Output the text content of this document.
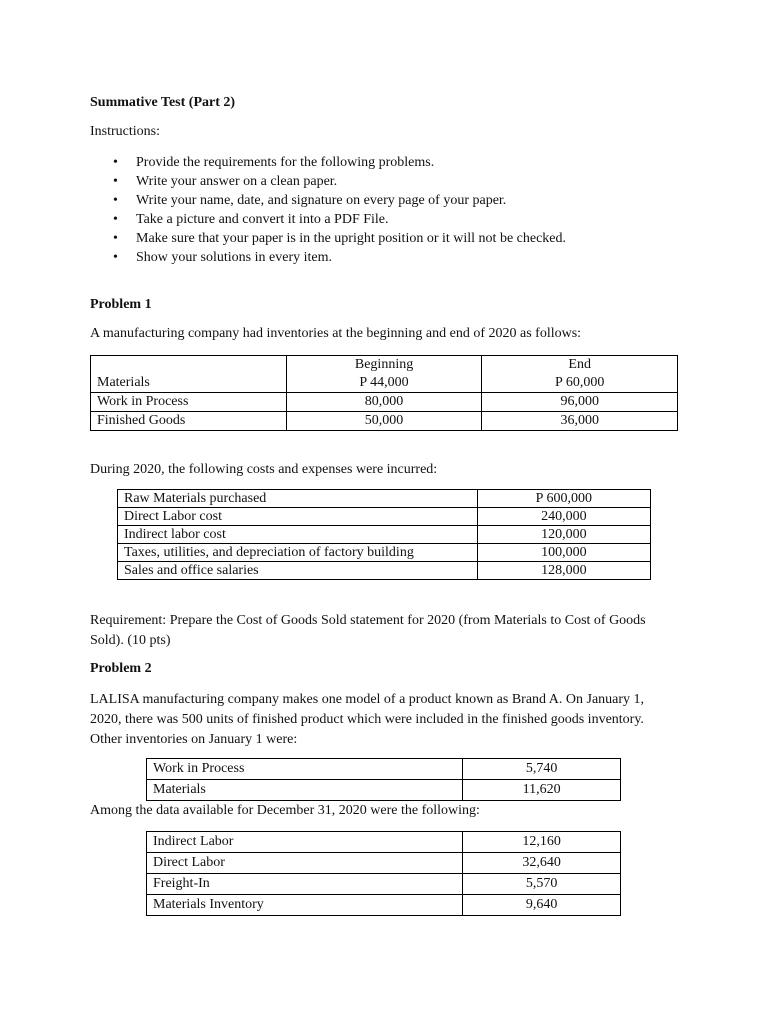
Summative Test (Part 2)
Instructions:
• Provide the requirements for the following problems.
• Write your answer on a clean paper.
• Write your name, date, and signature on every page of your paper.
• Take a picture and convert it into a PDF File.
• Make sure that your paper is in the upright position or it will not be checked.
• Show your solutions in every item.
Problem 1
A manufacturing company had inventories at the beginning and end of 2020 as follows:
	Beginning	End
Materials	P 44,000	P 60,000
Work in Process	80,000	96,000
Finished Goods	50,000	36,000
During 2020, the following costs and expenses were incurred:
Raw Materials purchased	P 600,000
Direct Labor cost	240,000
Indirect labor cost	120,000
Taxes, utilities, and depreciation of factory building	100,000
Sales and office salaries	128,000

Requirement: Prepare the Cost of Goods Sold statement for 2020 (from Materials to Cost of Goods Sold). (10 pts)

Problem 2

LALISA manufacturing company makes one model of a product known as Brand A. On January 1, 2020, there was 500 units of finished product which were included in the finished goods inventory. Other inventories on January 1 were:

Work in Process	5,740
Materials	11,620
Among the data available for December 31, 2020 were the following:
Indirect Labor	12,160
Direct Labor	32,640
Freight-In	5,570
Materials Inventory	9,640
